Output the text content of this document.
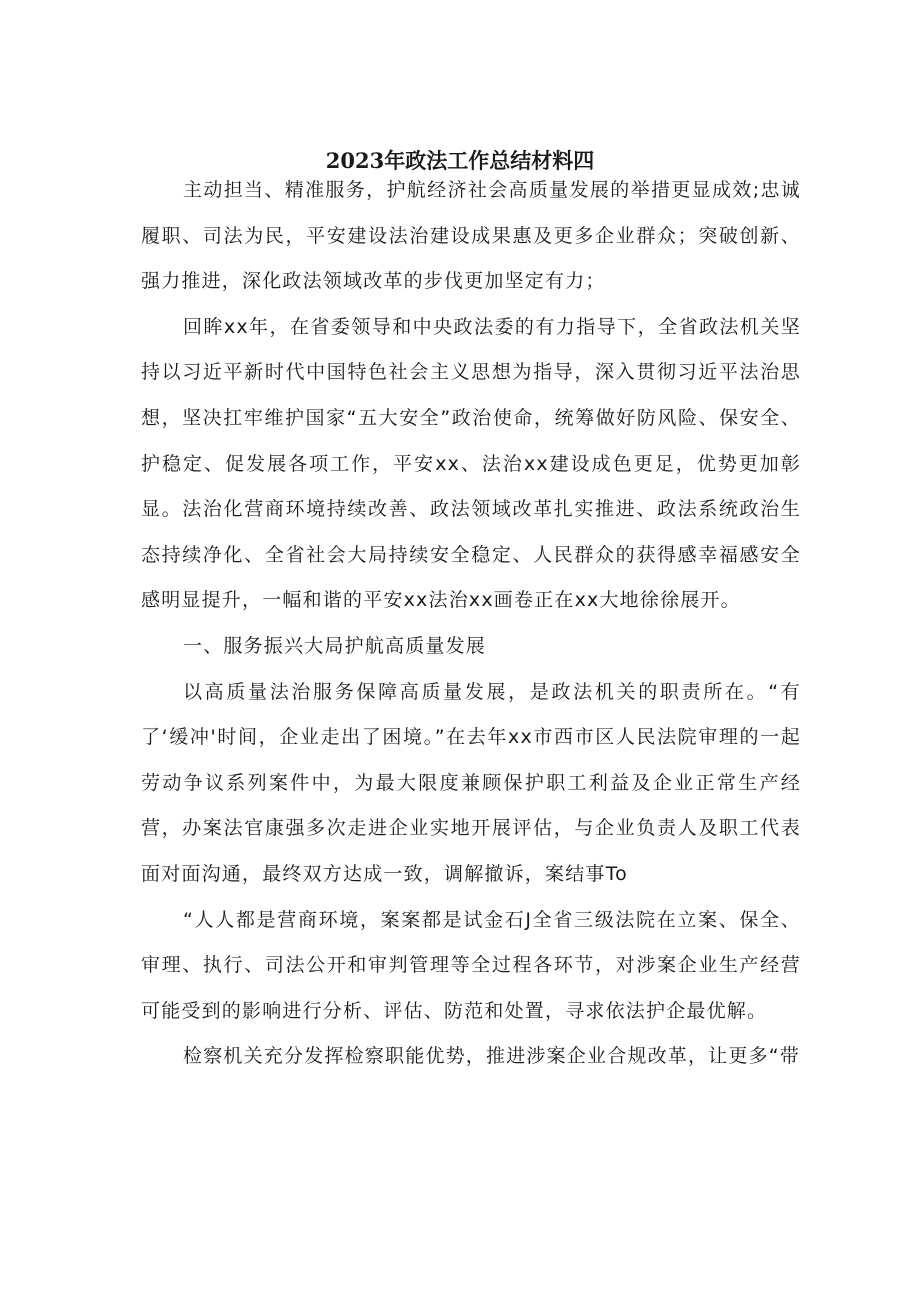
2023年政法工作总结材料四

主动担当、精准服务，护航经济社会高质量发展的举措更显成效;忠诚履职、司法为民，平安建设法治建设成果惠及更多企业群众；突破创新、强力推进，深化政法领域改革的步伐更加坚定有力；

回眸xx年，在省委领导和中央政法委的有力指导下，全省政法机关坚持以习近平新时代中国特色社会主义思想为指导，深入贯彻习近平法治思想，坚决扛牢维护国家“五大安全”政治使命，统筹做好防风险、保安全、护稳定、促发展各项工作，平安xx、法治xx建设成色更足，优势更加彰显。法治化营商环境持续改善、政法领域改革扎实推进、政法系统政治生态持续净化、全省社会大局持续安全稳定、人民群众的获得感幸福感安全感明显提升，一幅和谐的平安xx法治xx画卷正在xx大地徐徐展开。

一、服务振兴大局护航高质量发展

以高质量法治服务保障高质量发展，是政法机关的职责所在。“有了‘缓冲'时间，企业走出了困境。”在去年xx市西市区人民法院审理的一起劳动争议系列案件中，为最大限度兼顾保护职工利益及企业正常生产经营，办案法官康强多次走进企业实地开展评估，与企业负责人及职工代表面对面沟通，最终双方达成一致，调解撤诉，案结事To

“人人都是营商环境，案案都是试金石J全省三级法院在立案、保全、审理、执行、司法公开和审判管理等全过程各环节，对涉案企业生产经营可能受到的影响进行分析、评估、防范和处置，寻求依法护企最优解。

检察机关充分发挥检察职能优势，推进涉案企业合规改革，让更多“带
